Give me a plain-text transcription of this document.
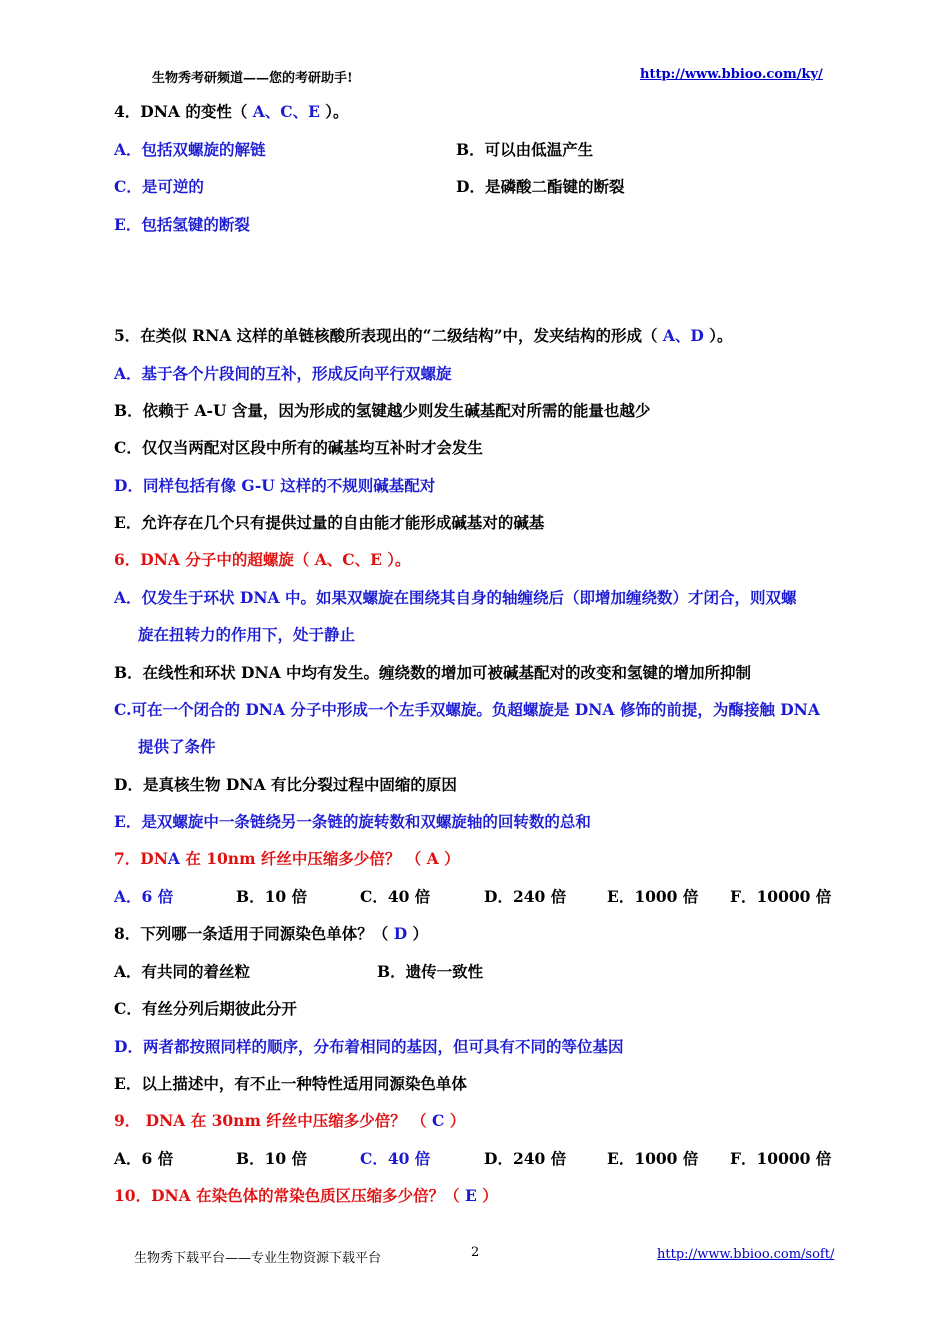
生物秀考研频道——您的考研助手!	http://www.bbioo.com/ky/
4．DNA 的变性（ A、C、E ）。
A．包括双螺旋的解链	B．可以由低温产生
C．是可逆的	D．是磷酸二酯键的断裂
E．包括氢键的断裂
5．在类似 RNA 这样的单链核酸所表现出的“二级结构”中，发夹结构的形成（ A、D ）。
A．基于各个片段间的互补，形成反向平行双螺旋
B．依赖于 A-U 含量，因为形成的氢键越少则发生碱基配对所需的能量也越少
C．仅仅当两配对区段中所有的碱基均互补时才会发生
D．同样包括有像 G-U 这样的不规则碱基配对
E．允许存在几个只有提供过量的自由能才能形成碱基对的碱基
6．DNA 分子中的超螺旋（ A、C、E ）。
A．仅发生于环状 DNA 中。如果双螺旋在围绕其自身的轴缠绕后（即增加缠绕数）才闭合，则双螺
旋在扭转力的作用下，处于静止
B．在线性和环状 DNA 中均有发生。缠绕数的增加可被碱基配对的改变和氢键的增加所抑制
C.可在一个闭合的 DNA 分子中形成一个左手双螺旋。负超螺旋是 DNA 修饰的前提，为酶接触 DNA
提供了条件
D．是真核生物 DNA 有比分裂过程中固缩的原因
E．是双螺旋中一条链绕另一条链的旋转数和双螺旋轴的回转数的总和
7．DNA 在 10nm 纤丝中压缩多少倍？ （ A ）
A．6 倍	B．10 倍	C．40 倍	D．240 倍	E．1000 倍 F．10000 倍
8．下列哪一条适用于同源染色单体？（ D ）
A．有共同的着丝粒	B．遗传一致性
C．有丝分列后期彼此分开
D．两者都按照同样的顺序，分布着相同的基因，但可具有不同的等位基因
E．以上描述中，有不止一种特性适用同源染色单体
9． DNA 在 30nm 纤丝中压缩多少倍？ （ C ）
A．6 倍	B．10 倍	C．40 倍	D．240 倍	E．1000 倍 F．10000 倍
10．DNA 在染色体的常染色质区压缩多少倍？（ E ）
生物秀下载平台——专业生物资源下载平台	2	http://www.bbioo.com/soft/
